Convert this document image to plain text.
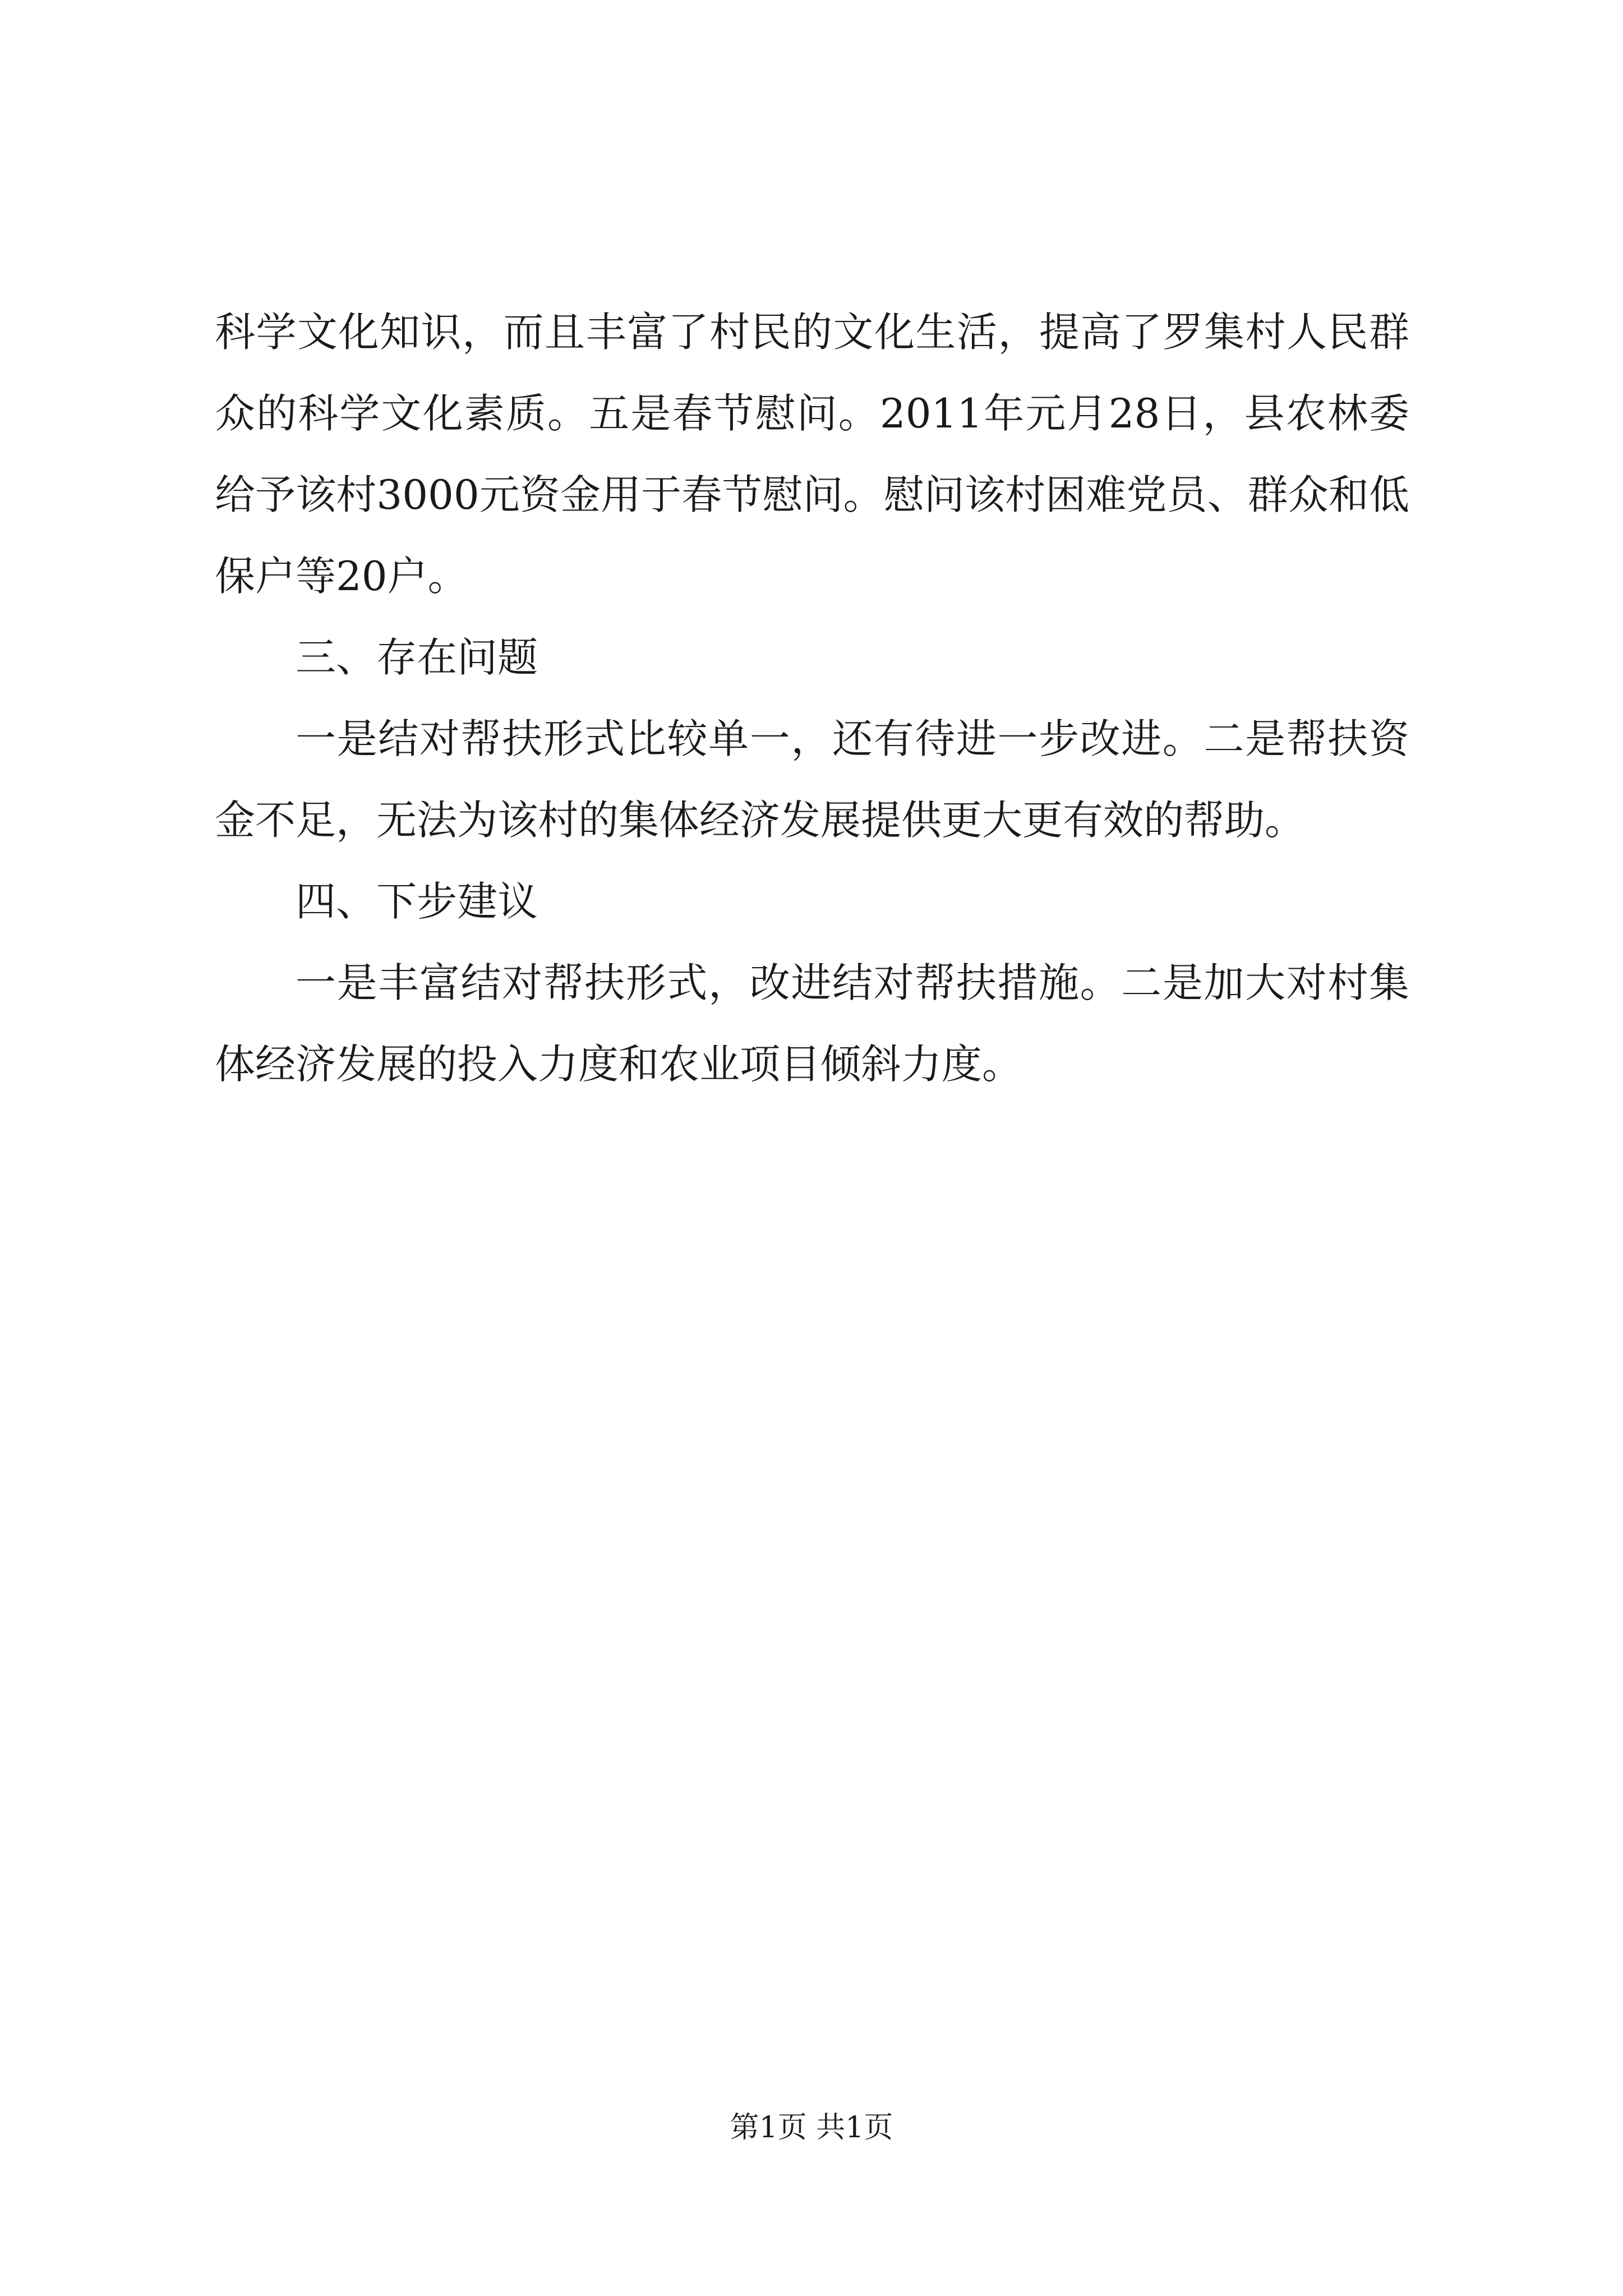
科学文化知识，而且丰富了村民的文化生活，提高了罗集村人民群众的科学文化素质。五是春节慰问。2011年元月28日，县农林委给予该村3000元资金用于春节慰问。慰问该村困难党员、群众和低保户等20户。

三、存在问题

一是结对帮扶形式比较单一，还有待进一步改进。二是帮扶资金不足，无法为该村的集体经济发展提供更大更有效的帮助。

四、下步建议

一是丰富结对帮扶形式，改进结对帮扶措施。二是加大对村集体经济发展的投入力度和农业项目倾斜力度。

第1页 共1页
